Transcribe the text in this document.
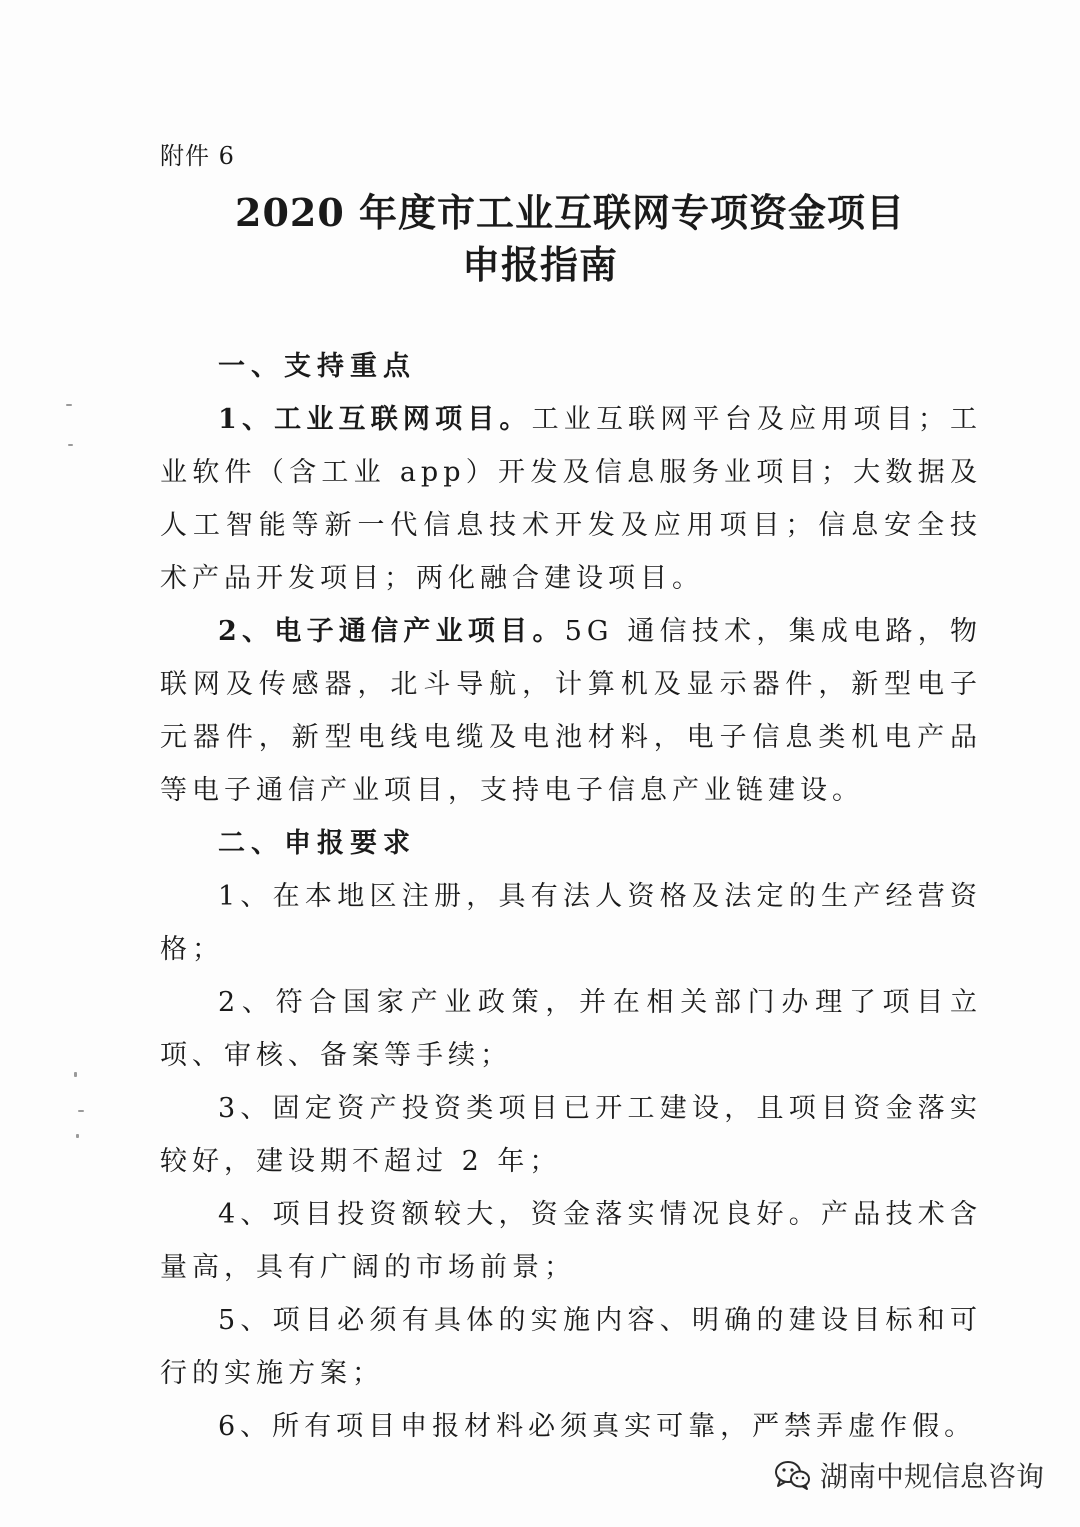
附件 6
2020 年度市工业互联网专项资金项目
申报指南

一、支持重点

1、工业互联网项目。工业互联网平台及应用项目；工业软件（含工业 app）开发及信息服务业项目；大数据及人工智能等新一代信息技术开发及应用项目；信息安全技术产品开发项目；两化融合建设项目。

2、电子通信产业项目。5G 通信技术，集成电路，物联网及传感器，北斗导航，计算机及显示器件，新型电子元器件，新型电线电缆及电池材料，电子信息类机电产品等电子通信产业项目，支持电子信息产业链建设。

二、申报要求

1、在本地区注册，具有法人资格及法定的生产经营资格；

2、符合国家产业政策，并在相关部门办理了项目立项、审核、备案等手续；

3、固定资产投资类项目已开工建设，且项目资金落实较好，建设期不超过 2 年；

4、项目投资额较大，资金落实情况良好。产品技术含量高，具有广阔的市场前景；

5、项目必须有具体的实施内容、明确的建设目标和可行的实施方案；

6、所有项目申报材料必须真实可靠，严禁弄虚作假。

湖南中规信息咨询
